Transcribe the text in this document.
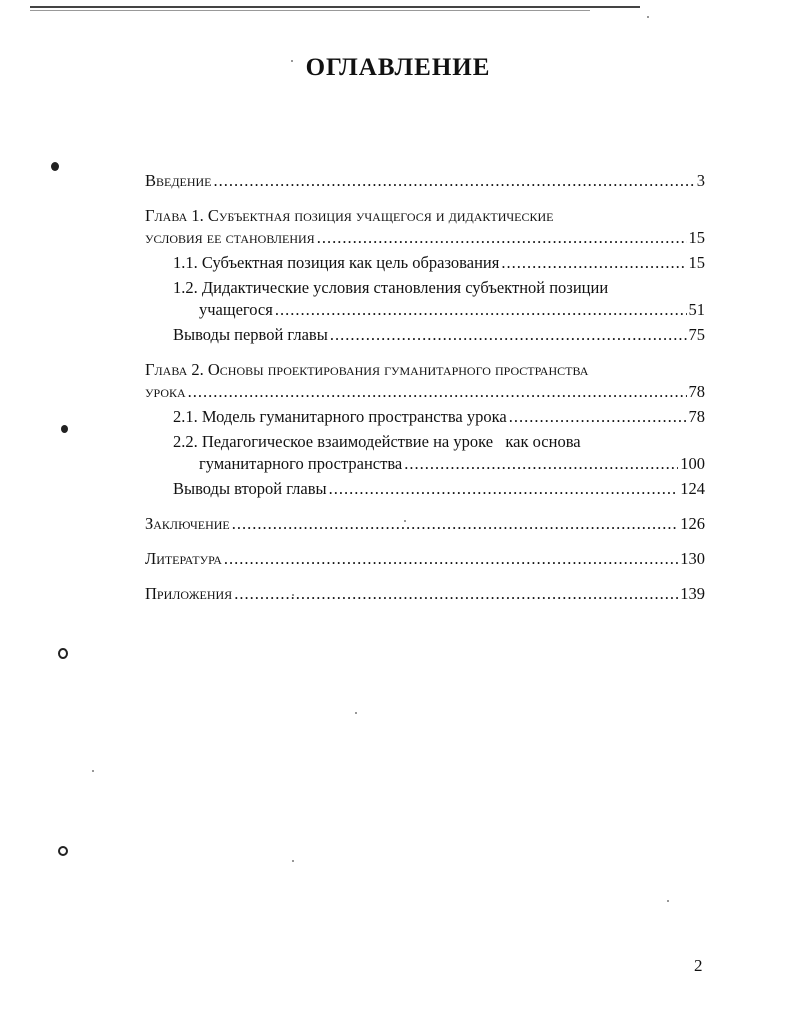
ОГЛАВЛЕНИЕ
Введение .....	3
Глава 1. Субъектная позиция учащегося и дидактические
условия ее становления .....	15
1.1. Субъектная позиция как цель образования .....	15
1.2. Дидактические условия становления субъектной позиции
учащегося .....	51
Выводы первой главы .....	75
Глава 2. Основы проектирования гуманитарного пространства
урока .....	78
2.1. Модель гуманитарного пространства урока .....	78
2.2. Педагогическое взаимодействие на уроке   как основа
гуманитарного пространства .....	100
Выводы второй главы .....	124
Заключение .....	126
Литература .....	130
Приложения .....	139
2
